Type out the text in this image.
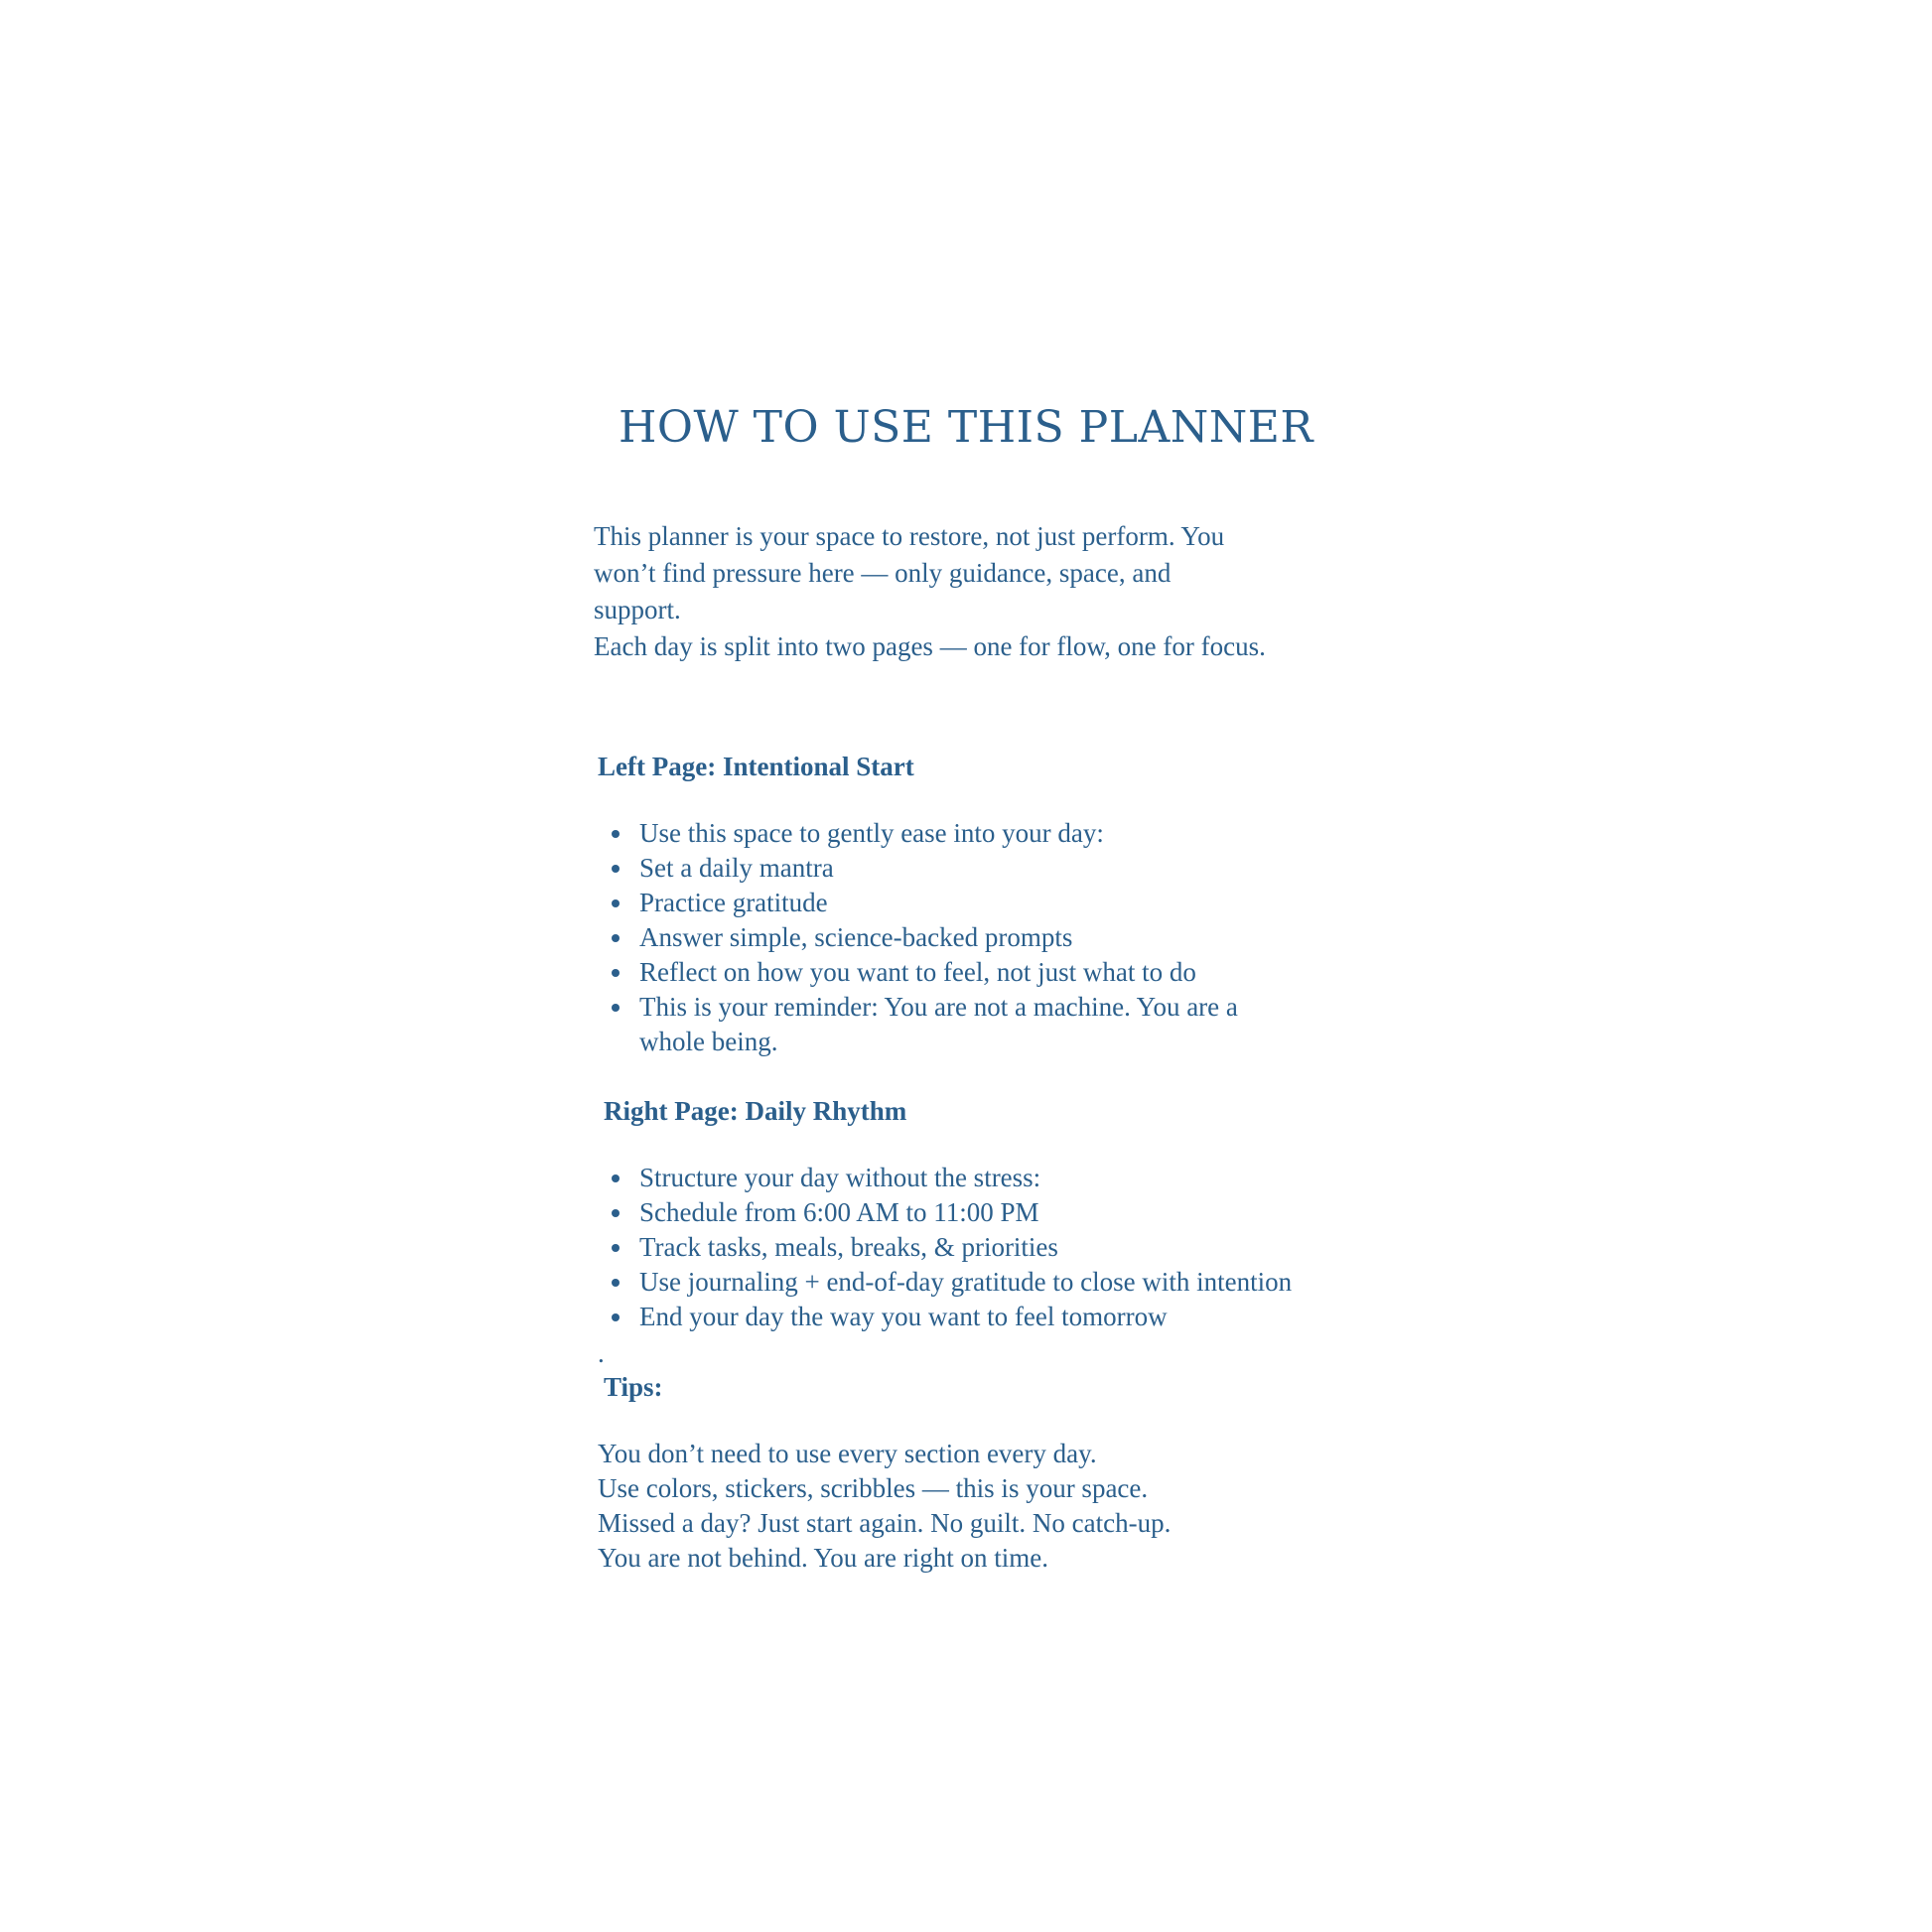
HOW TO USE THIS PLANNER

This planner is your space to restore, not just perform. You

won’t find pressure here — only guidance, space, and

support.

Each day is split into two pages — one for flow, one for focus.

Left Page: Intentional Start
Use this space to gently ease into your day:
Set a daily mantra
Practice gratitude
Answer simple, science-backed prompts
Reflect on how you want to feel, not just what to do
This is your reminder: You are not a machine. You are a whole being.
Right Page: Daily Rhythm
Structure your day without the stress:
Schedule from 6:00 AM to 11:00 PM
Track tasks, meals, breaks, & priorities
Use journaling + end-of-day gratitude to close with intention
End your day the way you want to feel tomorrow
.
Tips:

You don’t need to use every section every day.

Use colors, stickers, scribbles — this is your space.

Missed a day? Just start again. No guilt. No catch-up.

You are not behind. You are right on time.
